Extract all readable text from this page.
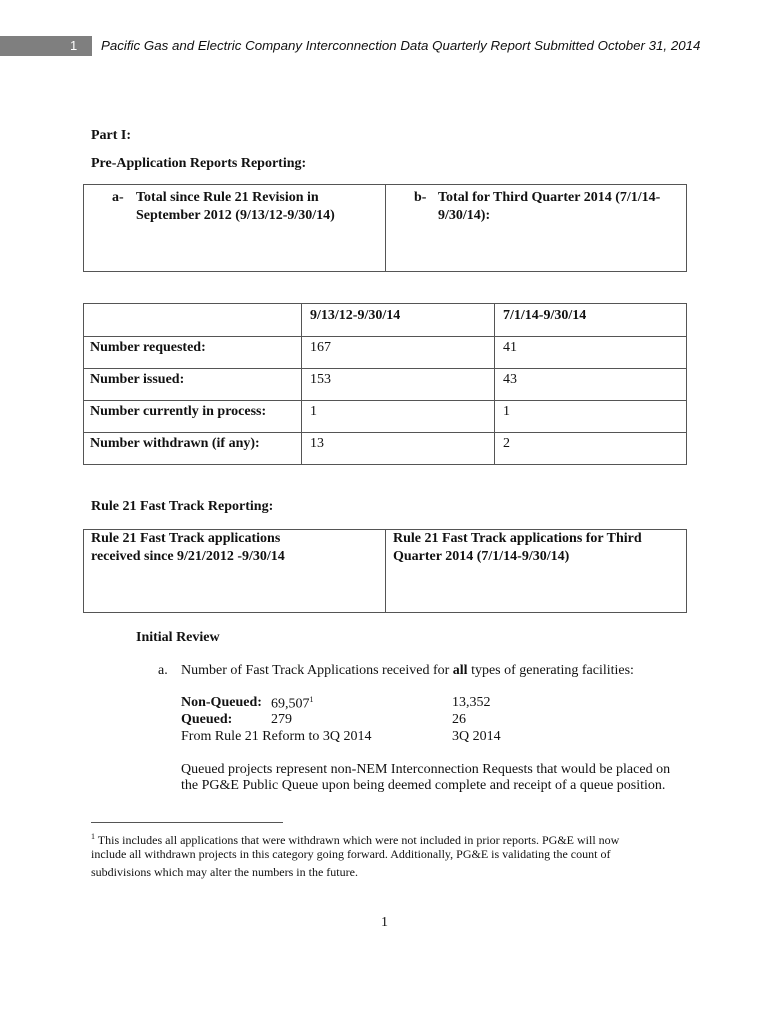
1 Pacific Gas and Electric Company Interconnection Data Quarterly Report Submitted October 31, 2014
Part I:
Pre-Application Reports Reporting:
a- Total since Rule 21 Revision in
September 2012 (9/13/12-9/30/14)
b- Total for Third Quarter 2014 (7/1/14-
9/30/14):
	9/13/12-9/30/14	7/1/14-9/30/14
Number requested:	167	41
Number issued:	153	43
Number currently in process:	1	1
Number withdrawn (if any):	13	2
Rule 21 Fast Track Reporting:
Rule 21 Fast Track applications
received since 9/21/2012 -9/30/14
Rule 21 Fast Track applications for Third
Quarter 2014 (7/1/14-9/30/14)
Initial Review
a. Number of Fast Track Applications received for all types of generating facilities:
Non-Queued: 69,507$^1$	13,352
Queued:	279	26
From Rule 21 Reform to 3Q 2014	3Q 2014
Queued projects represent non-NEM Interconnection Requests that would be placed on
the PG&E Public Queue upon being deemed complete and receipt of a queue position.
$^1$ This includes all applications that were withdrawn which were not included in prior reports. PG&E will now
include all withdrawn projects in this category going forward. Additionally, PG&E is validating the count of
subdivisions which may alter the numbers in the future.
1
